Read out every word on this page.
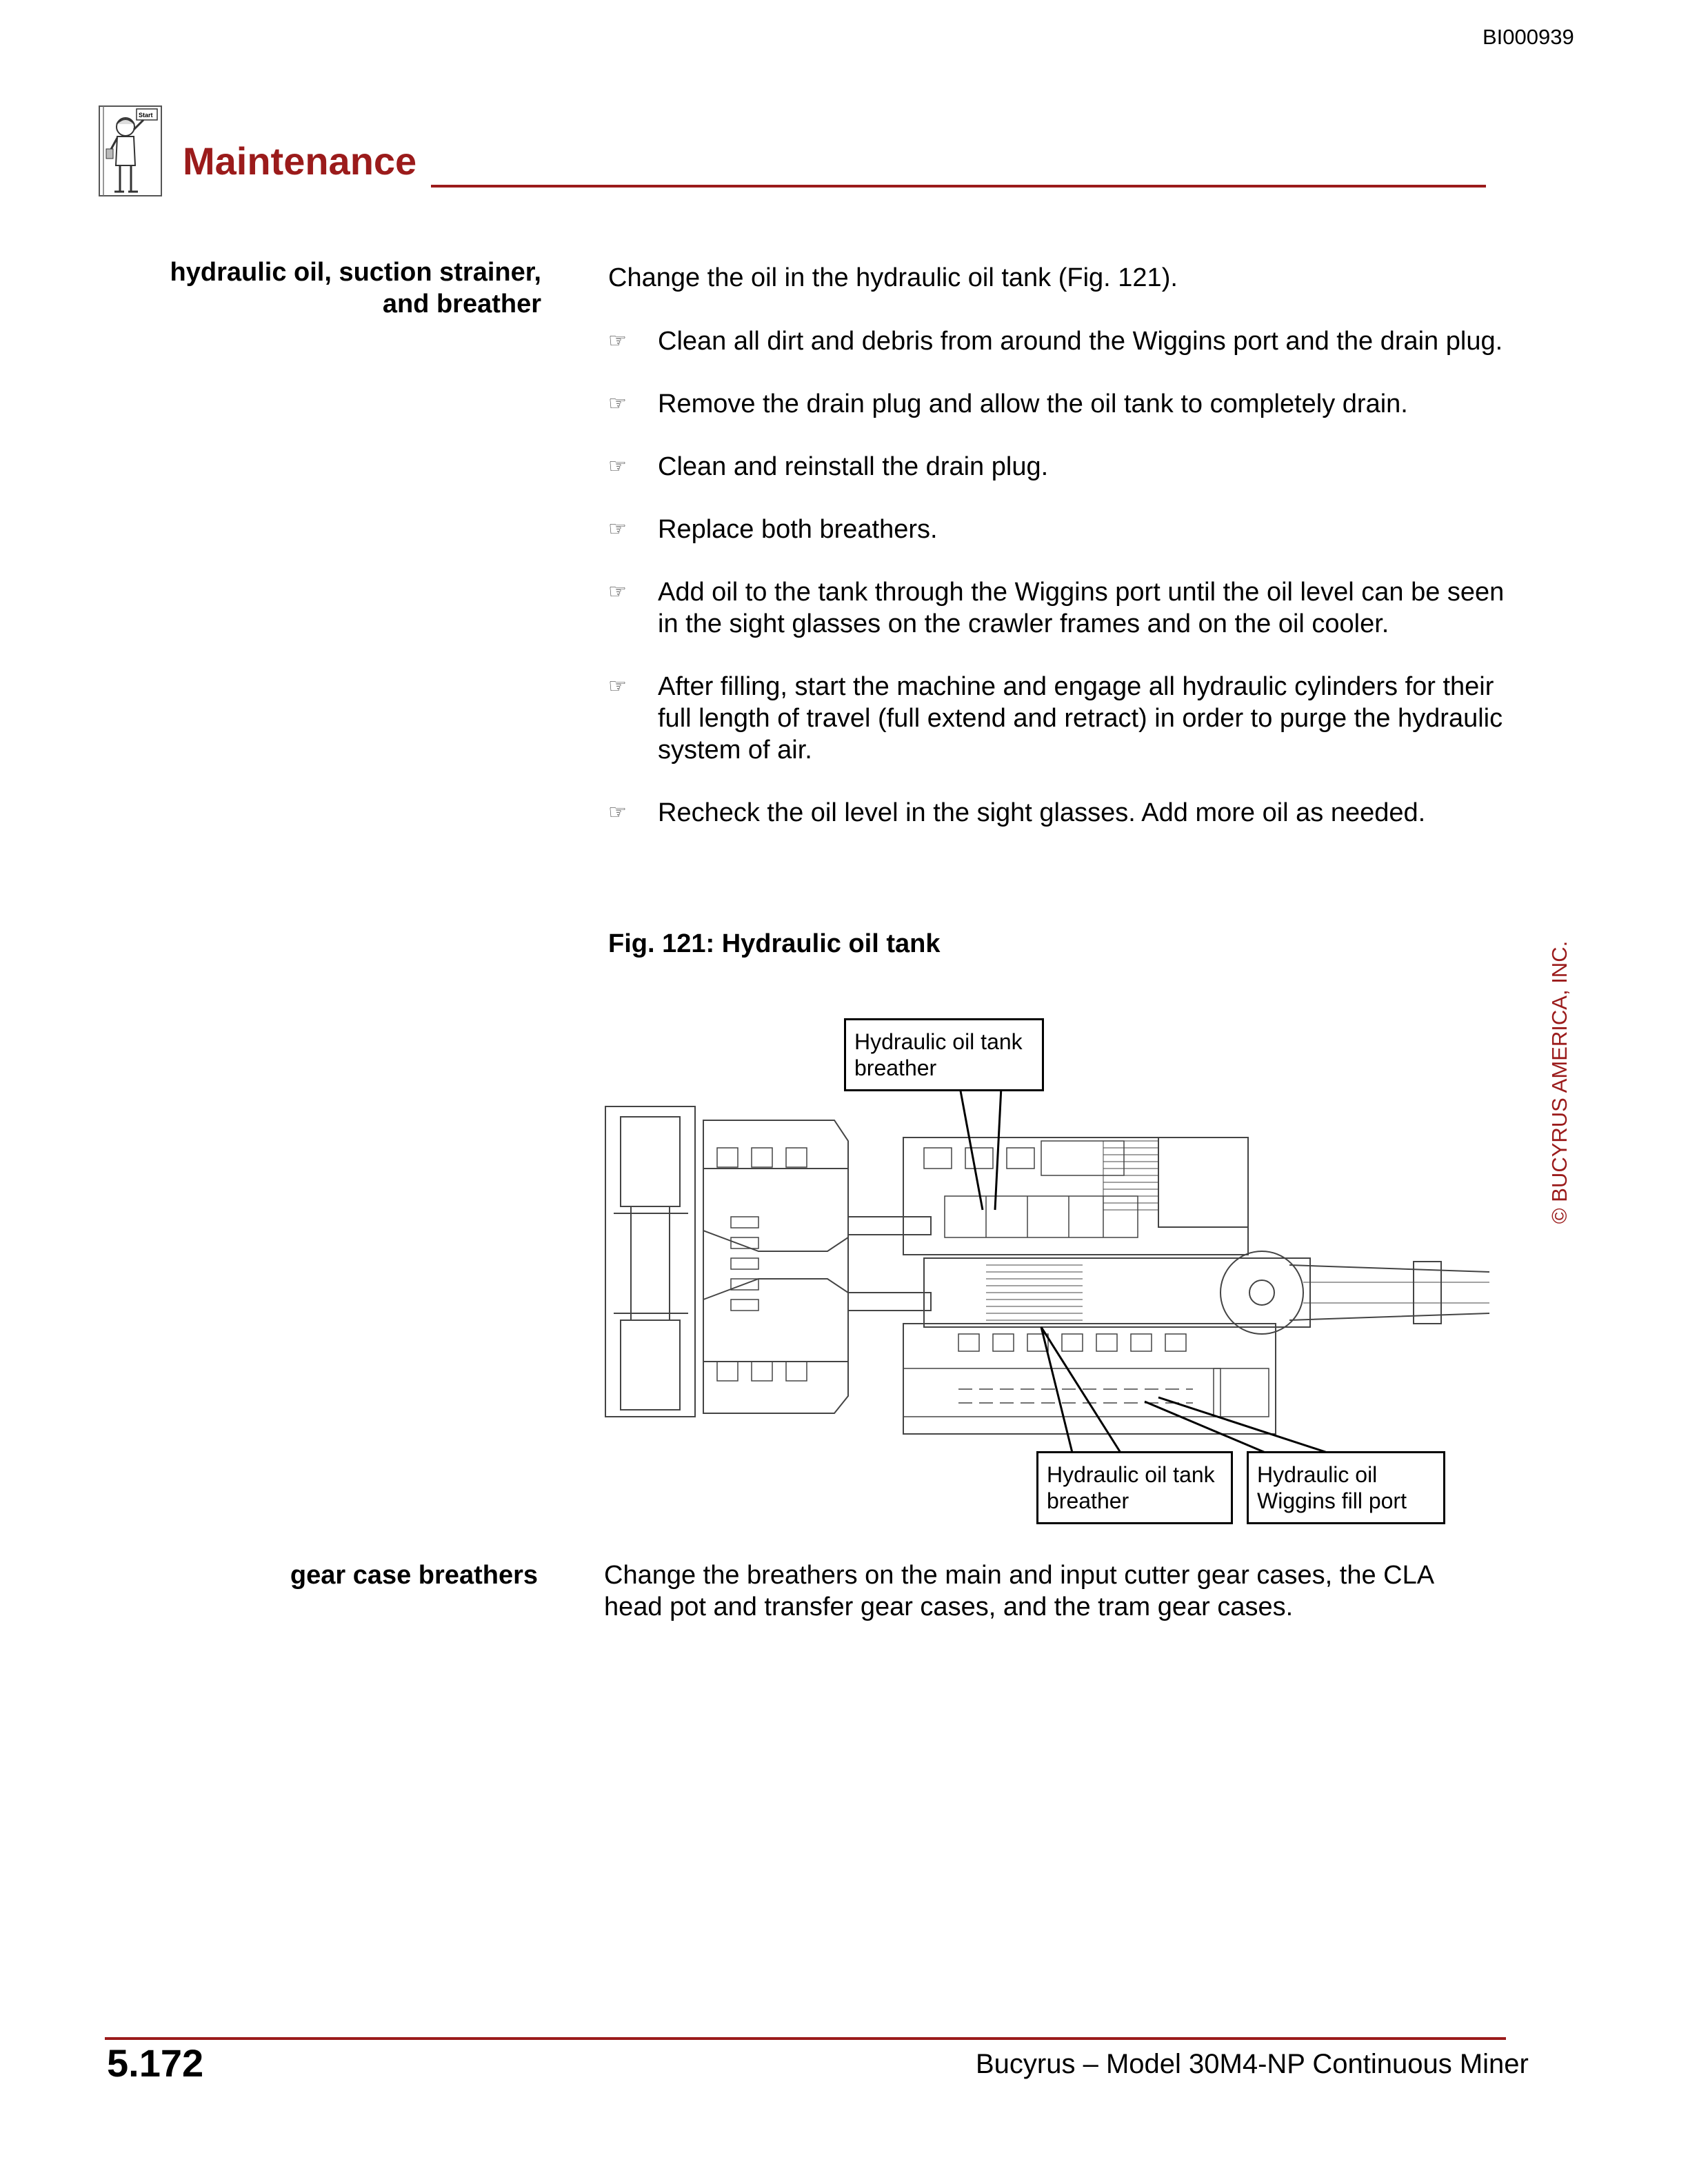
BI000939
Start
Maintenance
hydraulic oil, suction strainer,
and breather

Change the oil in the hydraulic oil tank (Fig. 121).

☞	Clean all dirt and debris from around the Wiggins port and the drain plug.
☞	Remove the drain plug and allow the oil tank to completely drain.
☞	Clean and reinstall the drain plug.
☞	Replace both breathers.
☞	Add oil to the tank through the Wiggins port until the oil level can be seen in the sight glasses on the crawler frames and on the oil cooler.
☞	After filling, start the machine and engage all hydraulic cylinders for their full length of travel (full extend and retract) in order to purge the hydraulic system of air.
☞	Recheck the oil level in the sight glasses. Add more oil as needed.

Fig. 121: Hydraulic oil tank

Hydraulic oil tank
breather
Hydraulic oil tank
breather
Hydraulic oil
Wiggins fill port
gear case breathers	Change the breathers on the main and input cutter gear cases, the CLA head pot and transfer gear cases, and the tram gear cases.

© BUCYRUS AMERICA, INC.
5.172	Bucyrus – Model 30M4-NP Continuous Miner
